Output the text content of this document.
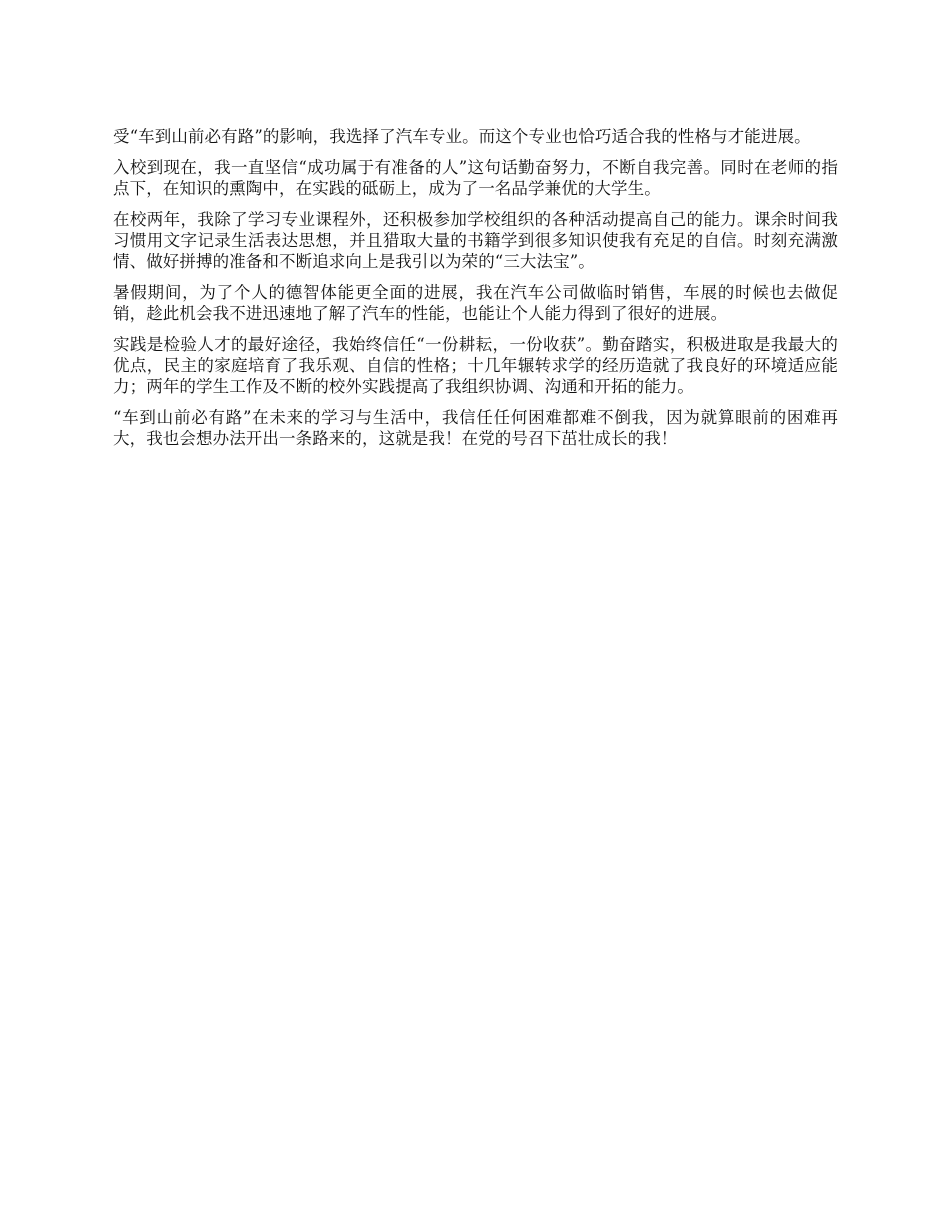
受“车到山前必有路”的影响，我选择了汽车专业。而这个专业也恰巧适合我的性格与才能进展。

入校到现在，我一直坚信“成功属于有准备的人”这句话勤奋努力，不断自我完善。同时在老师的指点下，在知识的熏陶中，在实践的砥砺上，成为了一名品学兼优的大学生。

在校两年，我除了学习专业课程外，还积极参加学校组织的各种活动提高自己的能力。课余时间我习惯用文字记录生活表达思想，并且猎取大量的书籍学到很多知识使我有充足的自信。时刻充满激情、做好拼搏的准备和不断追求向上是我引以为荣的“三大法宝”。

暑假期间，为了个人的德智体能更全面的进展，我在汽车公司做临时销售，车展的时候也去做促销，趁此机会我不进迅速地了解了汽车的性能，也能让个人能力得到了很好的进展。

实践是检验人才的最好途径，我始终信任“一份耕耘，一份收获”。勤奋踏实，积极进取是我最大的优点，民主的家庭培育了我乐观、自信的性格；十几年辗转求学的经历造就了我良好的环境适应能力；两年的学生工作及不断的校外实践提高了我组织协调、沟通和开拓的能力。

“车到山前必有路”在未来的学习与生活中，我信任任何困难都难不倒我，因为就算眼前的困难再大，我也会想办法开出一条路来的，这就是我！在党的号召下茁壮成长的我！
